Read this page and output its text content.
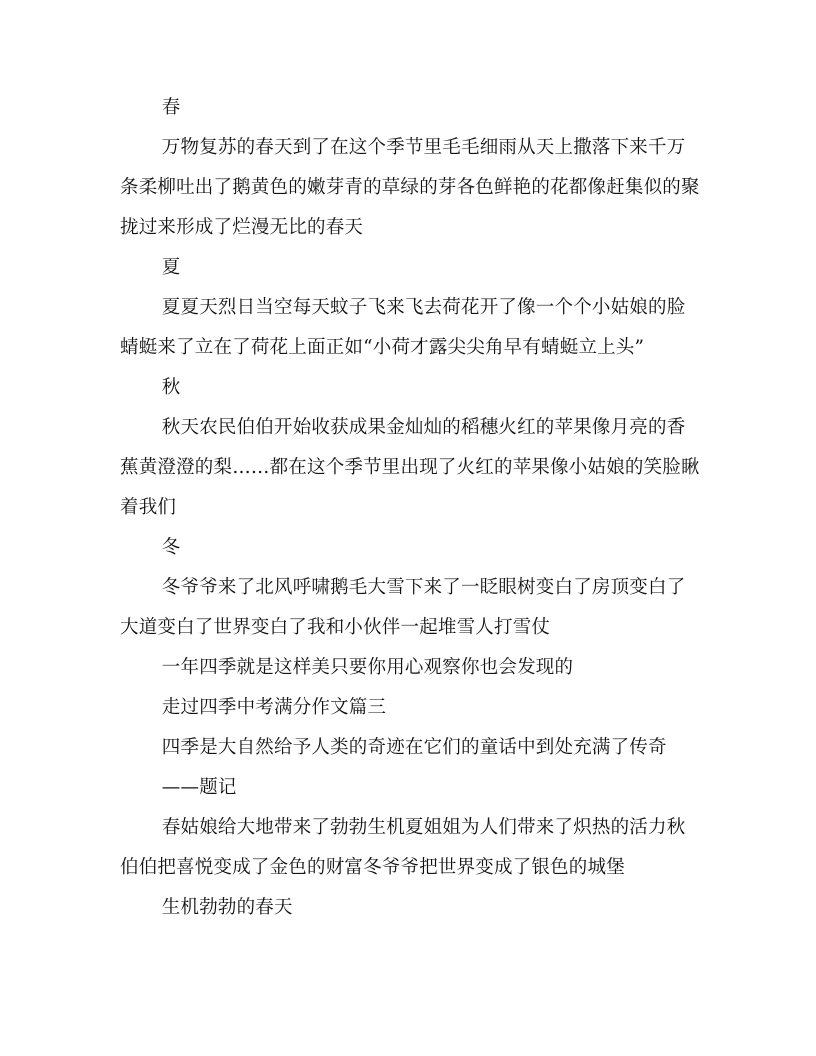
春

万物复苏的春天到了在这个季节里毛毛细雨从天上撒落下来千万条柔柳吐出了鹅黄色的嫩芽青的草绿的芽各色鲜艳的花都像赶集似的聚拢过来形成了烂漫无比的春天

夏

夏夏天烈日当空每天蚊子飞来飞去荷花开了像一个个小姑娘的脸蜻蜓来了立在了荷花上面正如“小荷才露尖尖角早有蜻蜓立上头”

秋

秋天农民伯伯开始收获成果金灿灿的稻穗火红的苹果像月亮的香蕉黄澄澄的梨……都在这个季节里出现了火红的苹果像小姑娘的笑脸瞅着我们

冬

冬爷爷来了北风呼啸鹅毛大雪下来了一眨眼树变白了房顶变白了大道变白了世界变白了我和小伙伴一起堆雪人打雪仗

一年四季就是这样美只要你用心观察你也会发现的

走过四季中考满分作文篇三

四季是大自然给予人类的奇迹在它们的童话中到处充满了传奇

——题记

春姑娘给大地带来了勃勃生机夏姐姐为人们带来了炽热的活力秋伯伯把喜悦变成了金色的财富冬爷爷把世界变成了银色的城堡

生机勃勃的春天
